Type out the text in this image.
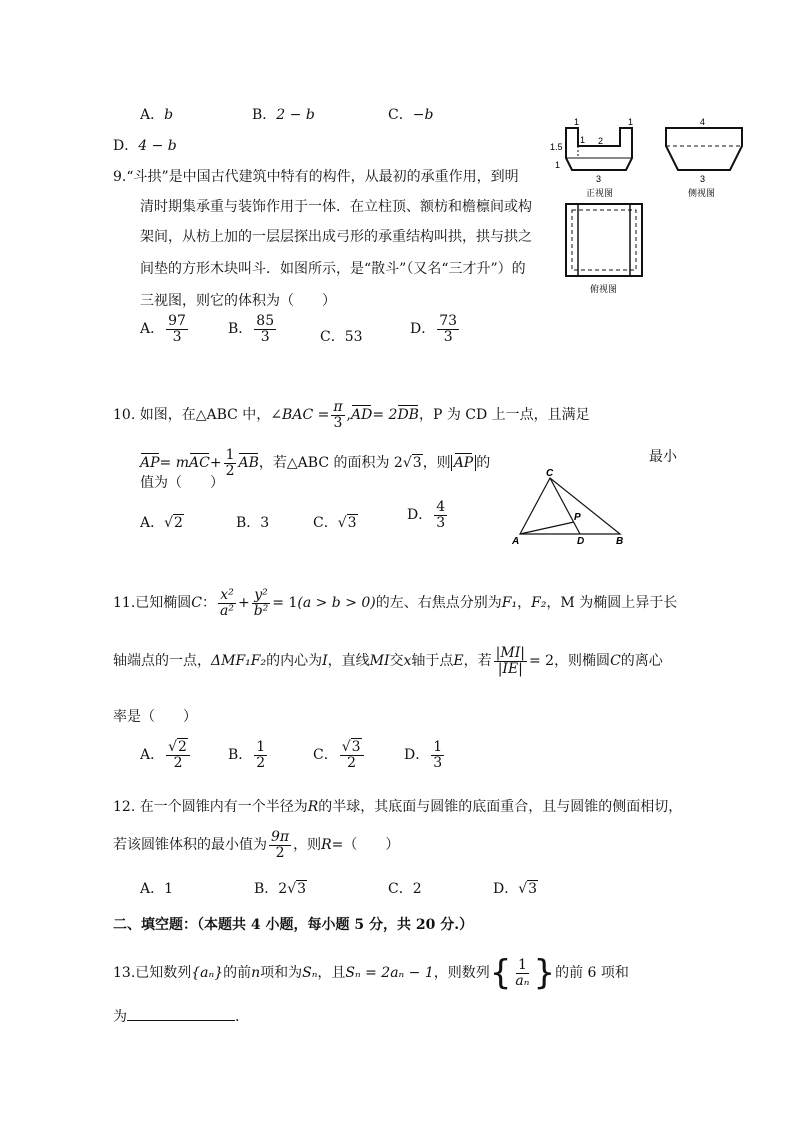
A．b	B．2 − b	C．−b
D．4 − b
9.“斗拱”是中国古代建筑中特有的构件，从最初的承重作用，到明
清时期集承重与装饰作用于一体．在立柱顶、额枋和檐檩间或构
架间，从枋上加的一层层探出成弓形的承重结构叫拱，拱与拱之
间垫的方形木块叫斗．如图所示，是“散斗”（又名“三才升”）的
三视图，则它的体积为（　　）
A． $\frac{97}{3}$	B． $\frac{85}{3}$	C．53	D． $\frac{73}{3}$
1	1
1 2
1.5
1
3
正视图
4
3
侧视图
俯视图
10. 如图，在△ABC 中，∠BAC = $\frac{\pi}{3} ,AD= 2DB$，P 为 CD 上一点，且满足
$AP= mAC+ \frac{1}{2}$ AB，若△ABC 的面积为 2√3，则 AP 的	最小
值为（　　）
A．√2	B．3	C．√3	D． $\frac{4}{3}$
C
P
A	D	B
11.已知椭圆C： $\frac{\text{x²}}{\text{a²}} + \frac{\text{y²}}{\text{b²}} = 1(a > b > 0)$的左、右焦点分别为F₁，F₂，M 为椭圆上异于长
轴端点的一点，ΔMF₁F₂的内心为I，直线MI交x轴于点E，若 $\frac{|MI|}{|IE|} = 2$，则椭圆C的离心
率是（　　）
A． $\frac{√2}{2}$	B． $\frac{1}{2}$	C． $\frac{√3}{2}$	D． $\frac{1}{3}$
12. 在一个圆锥内有一个半径为R的半球，其底面与圆锥的底面重合，且与圆锥的侧面相切，
若该圆锥体积的最小值为 $\frac{9\pi}{2}$ ，则R=（　　）
A．1	B．2√3	C．2	D．√3
二、填空题：（本题共 4 小题，每小题 5 分，共 20 分.）
13.已知数列{aₙ}的前n项和为Sₙ，且Sₙ = 2aₙ − 1，则数列{ $\frac{1}{\text{aₙ}}$ }的前 6 项和
为	.
